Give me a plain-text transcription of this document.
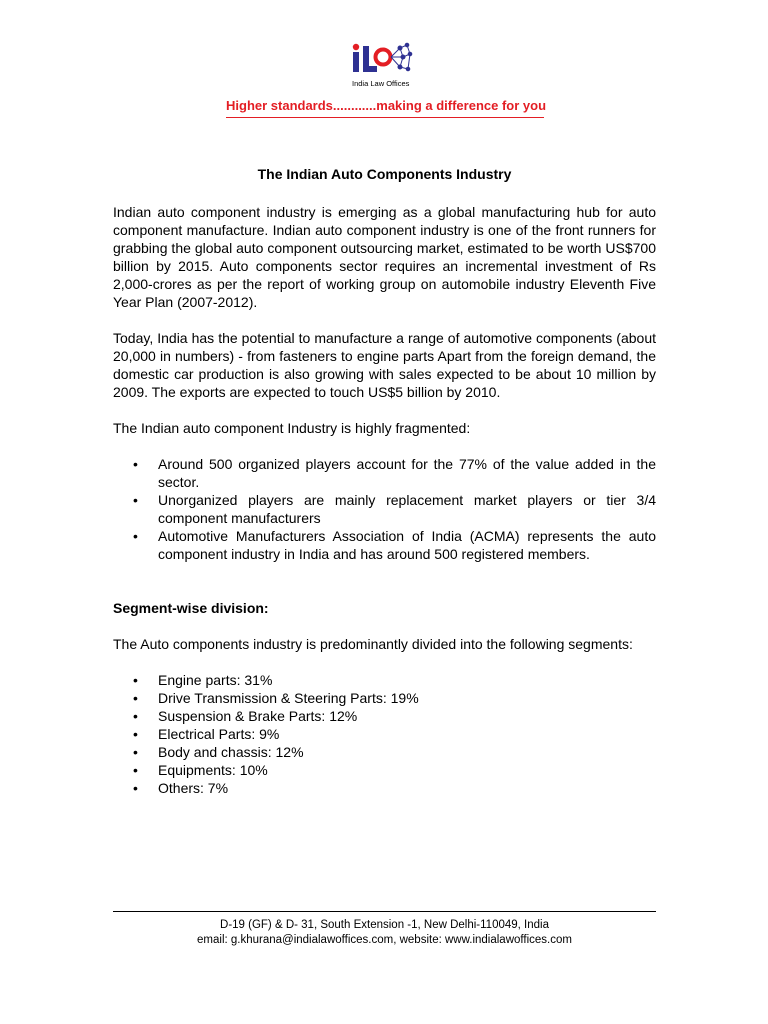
India Law Offices
Higher standards............making a difference for you
The Indian Auto Components Industry

Indian auto component industry is emerging as a global manufacturing hub for auto component manufacture. Indian auto component industry is one of the front runners for grabbing the global auto component outsourcing market, estimated to be worth US$700 billion by 2015. Auto components sector requires an incremental investment of Rs 2,000-crores as per the report of working group on automobile industry Eleventh Five Year Plan (2007-2012).

Today, India has the potential to manufacture a range of automotive components (about 20,000 in numbers) - from fasteners to engine parts Apart from the foreign demand, the domestic car production is also growing with sales expected to be about 10 million by 2009. The exports are expected to touch US$5 billion by 2010.

The Indian auto component Industry is highly fragmented:

• Around 500 organized players account for the 77% of the value added in the sector.
• Unorganized players are mainly replacement market players or tier 3/4 component manufacturers
• Automotive Manufacturers Association of India (ACMA) represents the auto component industry in India and has around 500 registered members.
Segment-wise division:

The Auto components industry is predominantly divided into the following segments:

• Engine parts: 31%
• Drive Transmission & Steering Parts: 19%
• Suspension & Brake Parts: 12%
• Electrical Parts: 9%
• Body and chassis: 12%
• Equipments: 10%
• Others: 7%
D-19 (GF) & D- 31, South Extension -1, New Delhi-110049, India
email: g.khurana@indialawoffices.com, website: www.indialawoffices.com
